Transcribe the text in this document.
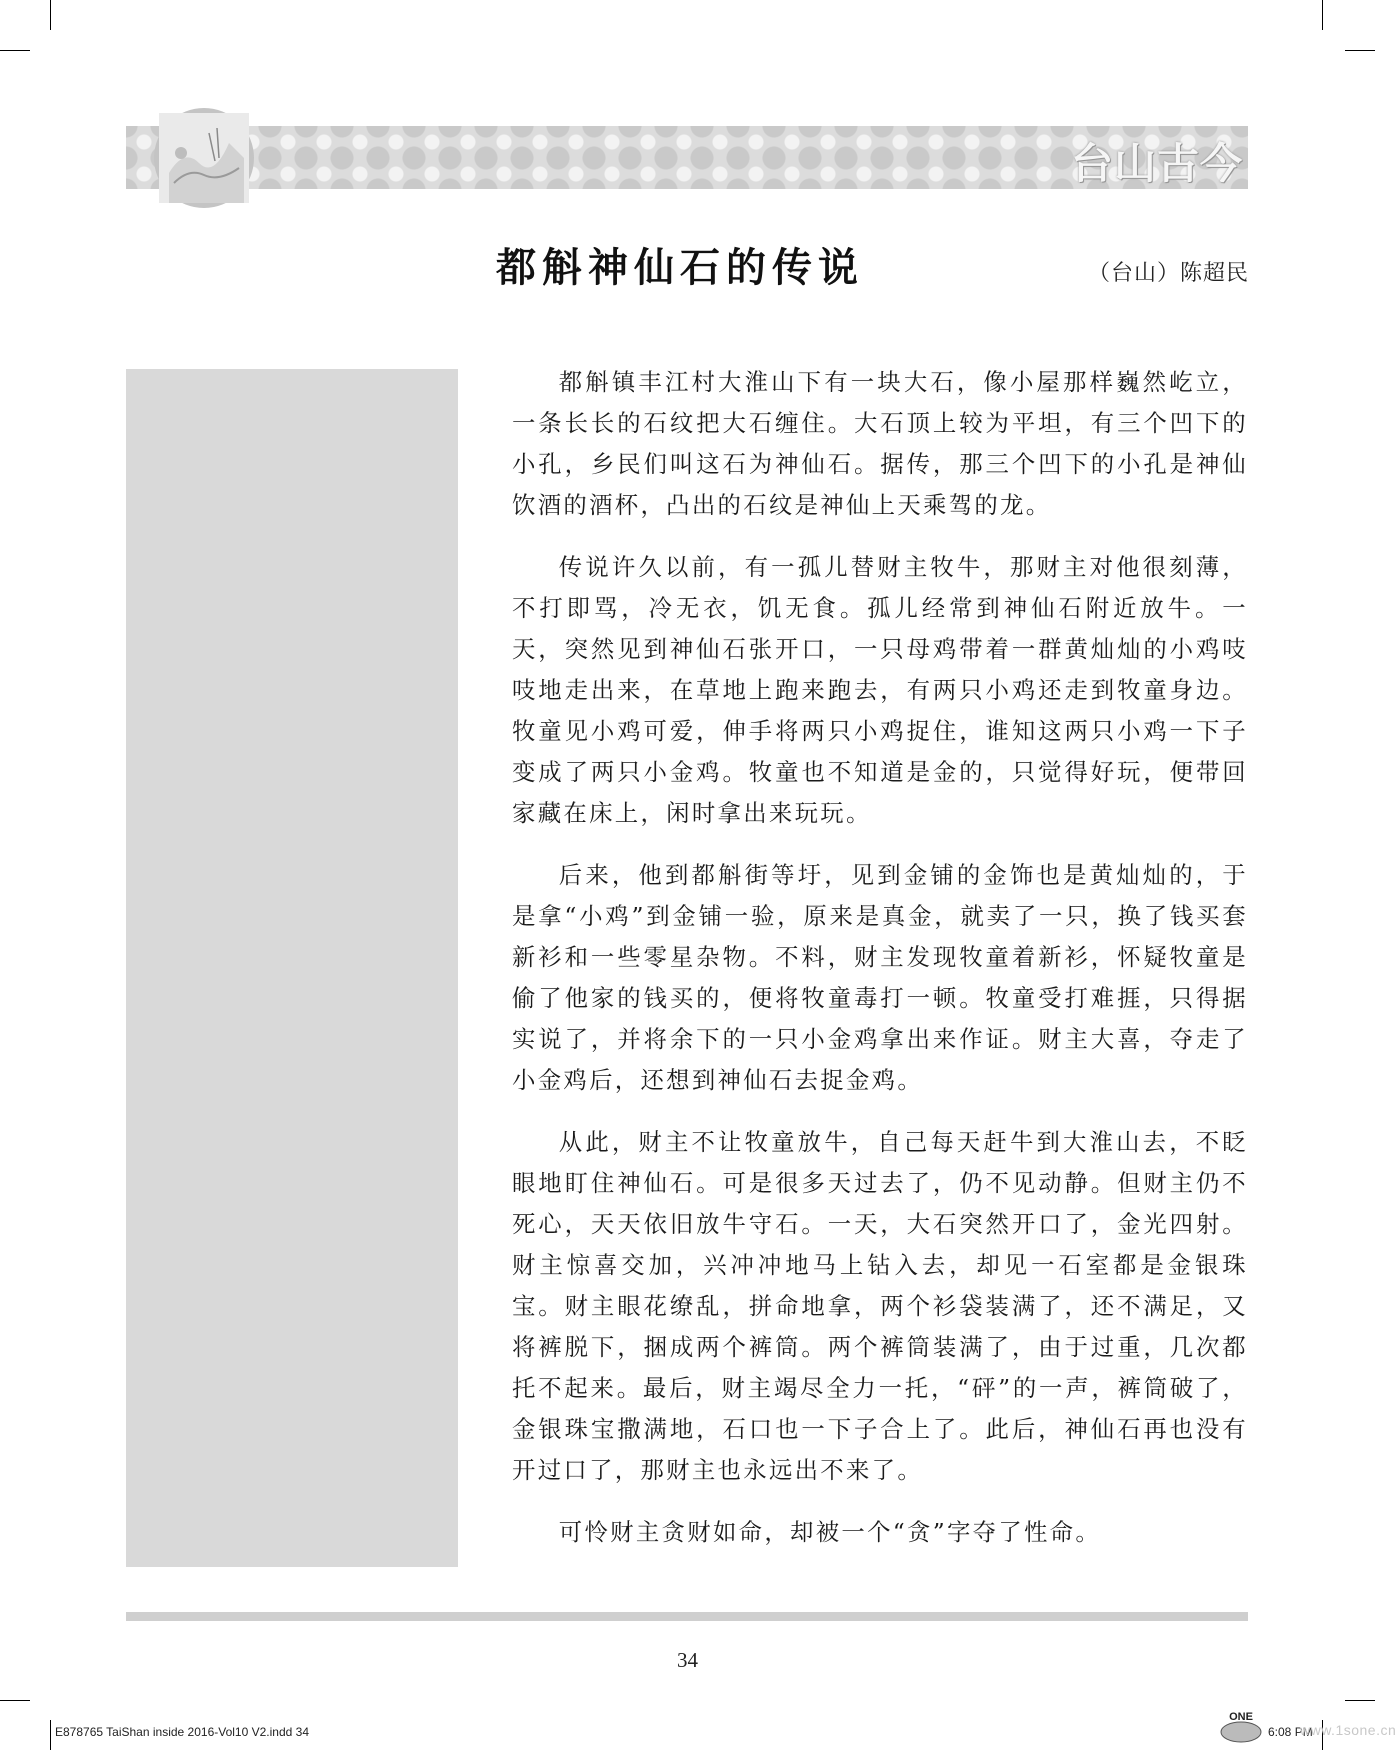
台山古今
都斛神仙石的传说	（台山）陈超民

都斛镇丰江村大淮山下有一块大石，像小屋那样巍然屹立，一条长长的石纹把大石缠住。大石顶上较为平坦，有三个凹下的小孔，乡民们叫这石为神仙石。据传，那三个凹下的小孔是神仙饮酒的酒杯，凸出的石纹是神仙上天乘驾的龙。

传说许久以前，有一孤儿替财主牧牛，那财主对他很刻薄，不打即骂，冷无衣，饥无食。孤儿经常到神仙石附近放牛。一天，突然见到神仙石张开口，一只母鸡带着一群黄灿灿的小鸡吱吱地走出来，在草地上跑来跑去，有两只小鸡还走到牧童身边。牧童见小鸡可爱，伸手将两只小鸡捉住，谁知这两只小鸡一下子变成了两只小金鸡。牧童也不知道是金的，只觉得好玩，便带回家藏在床上，闲时拿出来玩玩。

后来，他到都斛街等圩，见到金铺的金饰也是黄灿灿的，于是拿“小鸡”到金铺一验，原来是真金，就卖了一只，换了钱买套新衫和一些零星杂物。不料，财主发现牧童着新衫，怀疑牧童是偷了他家的钱买的，便将牧童毒打一顿。牧童受打难捱，只得据实说了，并将余下的一只小金鸡拿出来作证。财主大喜，夺走了小金鸡后，还想到神仙石去捉金鸡。

从此，财主不让牧童放牛，自己每天赶牛到大淮山去，不眨眼地盯住神仙石。可是很多天过去了，仍不见动静。但财主仍不死心，天天依旧放牛守石。一天，大石突然开口了，金光四射。财主惊喜交加，兴冲冲地马上钻入去，却见一石室都是金银珠宝。财主眼花缭乱，拼命地拿，两个衫袋装满了，还不满足，又将裤脱下，捆成两个裤筒。两个裤筒装满了，由于过重，几次都托不起来。最后，财主竭尽全力一托，“砰”的一声，裤筒破了，金银珠宝撒满地，石口也一下子合上了。此后，神仙石再也没有开过口了，那财主也永远出不来了。

可怜财主贪财如命，却被一个“贪”字夺了性命。

34
E878765 TaiShan inside 2016-Vol10 V2.indd 34
ONE
6:08 PM
www.1sone.cn
